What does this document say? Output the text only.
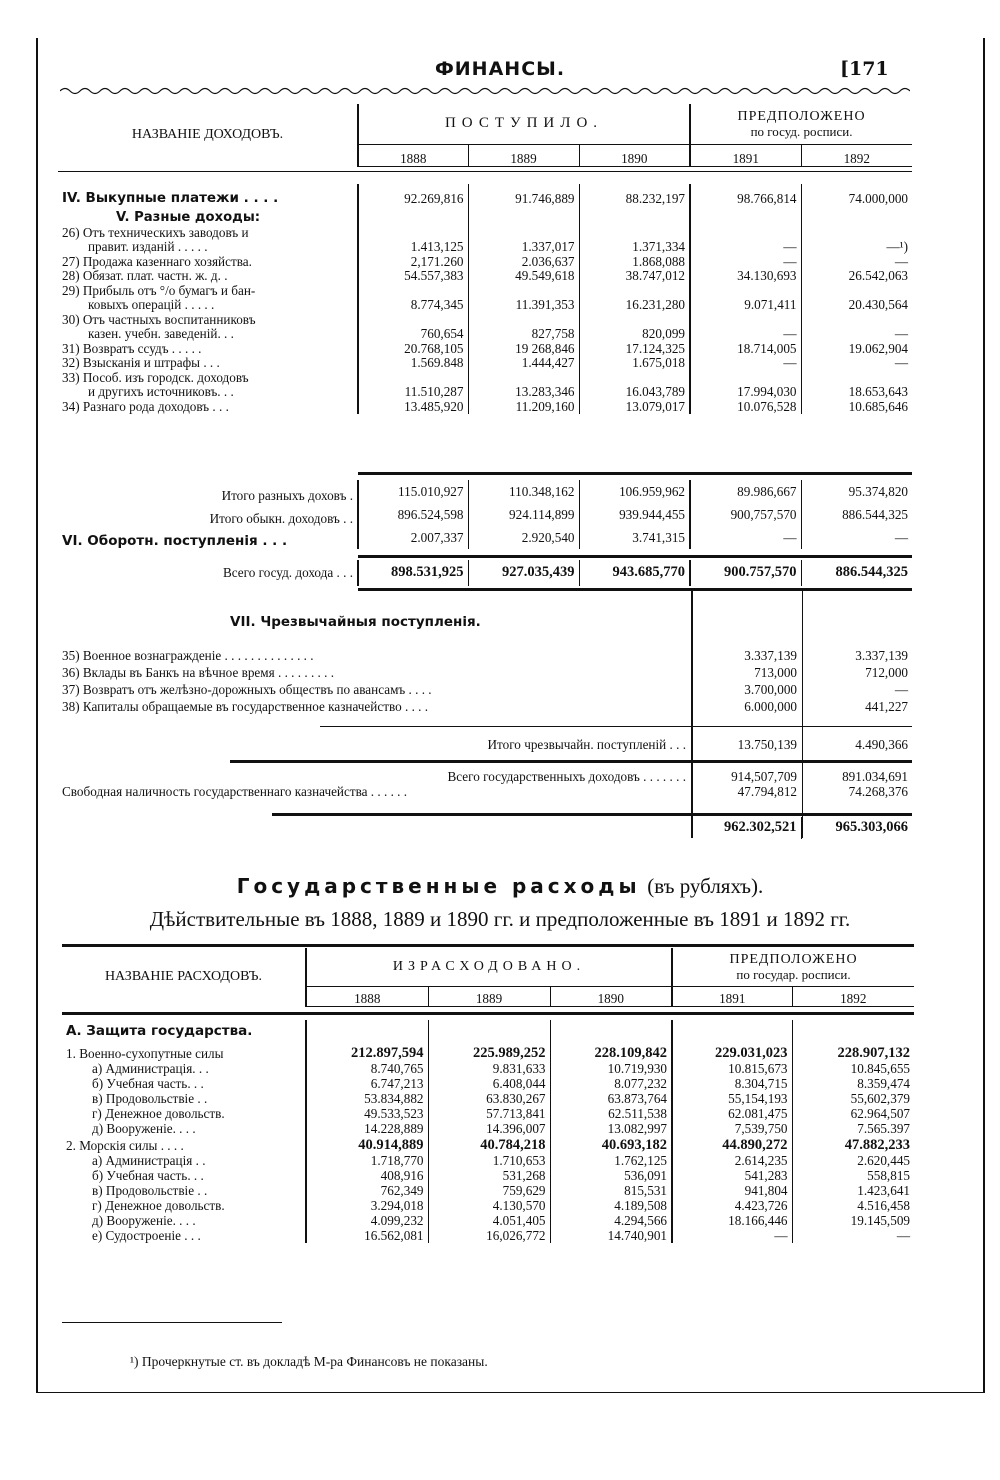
ФИНАНСЫ.	[171
НАЗВАНIЕ ДОХОДОВЪ.	ПОСТУПИЛО.			ПРЕДПОЛОЖЕНО
по госуд. росписи.	

	1888	1889	1890	1891	1892
IV. Выкупные платежи . . . .	92.269,816	91.746,889	88.232,197	98.766,814	74.000,000
V. Разные доходы:					
26) Отъ техническихъ заводовъ и					
правит. изданiй . . . . .	1.413,125	1.337,017	1.371,334	—	—¹)
27) Продажа казеннаго хозяйства.	2,171.260	2.036,637	1.868,088	—	—
28) Обязат. плат. частн. ж. д. .	54.557,383	49.549,618	38.747,012	34.130,693	26.542,063
29) Прибыль отъ °/o бумагъ и бан-					
ковыхъ операцiй . . . . .	8.774,345	11.391,353	16.231,280	9.071,411	20.430,564
30) Отъ частныхъ воспитанниковъ					
казен. учебн. заведенiй. . .	760,654	827,758	820,099	—	—
31) Возвратъ ссудъ . . . . .	20.768,105	19 268,846	17.124,325	18.714,005	19.062,904
32) Взысканiя и штрафы . . .	1.569.848	1.444,427	1.675,018	—	—
33) Пособ. изъ городск. доходовъ					
и другихъ источниковъ. . .	11.510,287	13.283,346	16.043,789	17.994,030	18.653,643
34) Разнаго рода доходовъ . . .	13.485,920	11.209,160	13.079,017	10.076,528	10.685,646
Итого разныхъ доховъ .	115.010,927	110.348,162	106.959,962	89.986,667	95.374,820
Итого обыкн. доходовъ . .	896.524,598	924.114,899	939.944,455	900,757,570	886.544,325
VI. Оборотн. поступленiя . . .	2.007,337	2.920,540	3.741,315	—	—
Всего госуд. дохода . . .	898.531,925	927.035,439	943.685,770	900.757,570	886.544,325
VII. Чрезвычайныя поступленiя.
35) Военное вознагражденiе . . . . . . . . . . . . . .	3.337,139	3.337,139
36) Вклады въ Банкъ на вѣчное время . . . . . . . . .	713,000	712,000
37) Возвратъ отъ желѣзно-дорожныхъ обществъ по авансамъ . . . .	3.700,000	—
38) Капиталы обращаемые въ государственное казначейство . . . .	6.000,000	441,227
Итого чрезвычайн. поступленiй . . .	13.750,139	4.490,366
Всего государственныхъ доходовъ . . . . . . .	914,507,709	891.034,691
Свободная наличность государственнаго казначейства . . . . . .	47.794,812	74.268,376
	962.302,521	965.303,066
Государственные расходы (въ рубляхъ).
Дѣйствительные въ 1888, 1889 и 1890 гг. и предположенные въ 1891 и 1892 гг.
НАЗВАНIЕ РАСХОДОВЪ.	ИЗРАСХОДОВАНО.			ПРЕДПОЛОЖЕНО
по государ. росписи.	

	1888	1889	1890	1891	1892
А. Защита государства.					
1. Военно-сухопутные силы	212.897,594	225.989,252	228.109,842	229.031,023	228.907,132
а) Администрацiя. . .	8.740,765	9.831,633	10.719,930	10.815,673	10.845,655
б) Учебная часть. . .	6.747,213	6.408,044	8.077,232	8.304,715	8.359,474
в) Продовольствiе . .	53.834,882	63.830,267	63.873,764	55,154,193	55,602,379
г) Денежное довольств.	49.533,523	57.713,841	62.511,538	62.081,475	62.964,507
д) Вооруженiе. . . .	14.228,889	14.396,007	13.082,997	7,539,750	7.565.397
2. Морскiя силы . . . .	40.914,889	40.784,218	40.693,182	44.890,272	47.882,233
а) Администрацiя . .	1.718,770	1.710,653	1.762,125	2.614,235	2.620,445
б) Учебная часть. . .	408,916	531,268	536,091	541,283	558,815
в) Продовольствiе . .	762,349	759,629	815,531	941,804	1.423,641
г) Денежное довольств.	3.294,018	4.130,570	4.189,508	4.423,726	4.516,458
д) Вооруженiе. . . .	4.099,232	4.051,405	4.294,566	18.166,446	19.145,509
е) Судостроенiе . . .	16.562,081	16,026,772	14.740,901	—	—
¹) Прочеркнутые ст. въ докладѣ М-ра Финансовъ не показаны.
